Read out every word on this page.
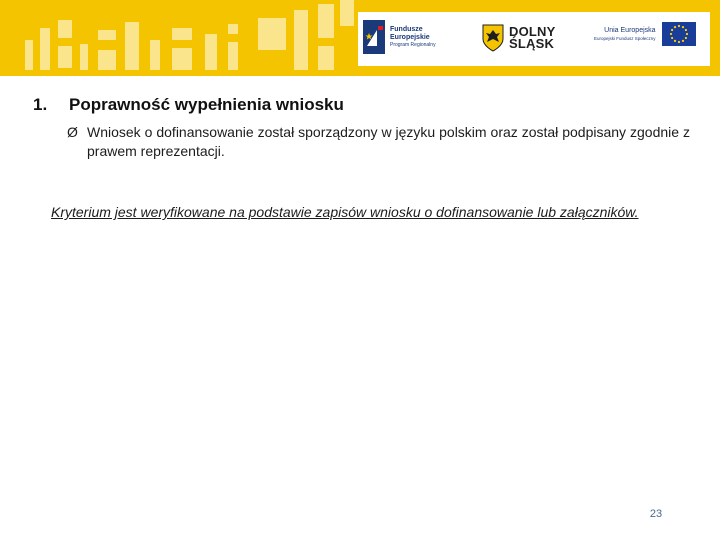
Fundusze
Europejskie
Program Regionalny
DOLNY
ŚLĄSK
Unia Europejska
Europejski Fundusz Społeczny
1. Poprawność wypełnienia wniosku
Ø Wniosek o dofinansowanie został sporządzony w języku polskim oraz został podpisany zgodnie z prawem reprezentacji.

Kryterium jest weryfikowane na podstawie zapisów wniosku o dofinansowanie lub załączników.

23
